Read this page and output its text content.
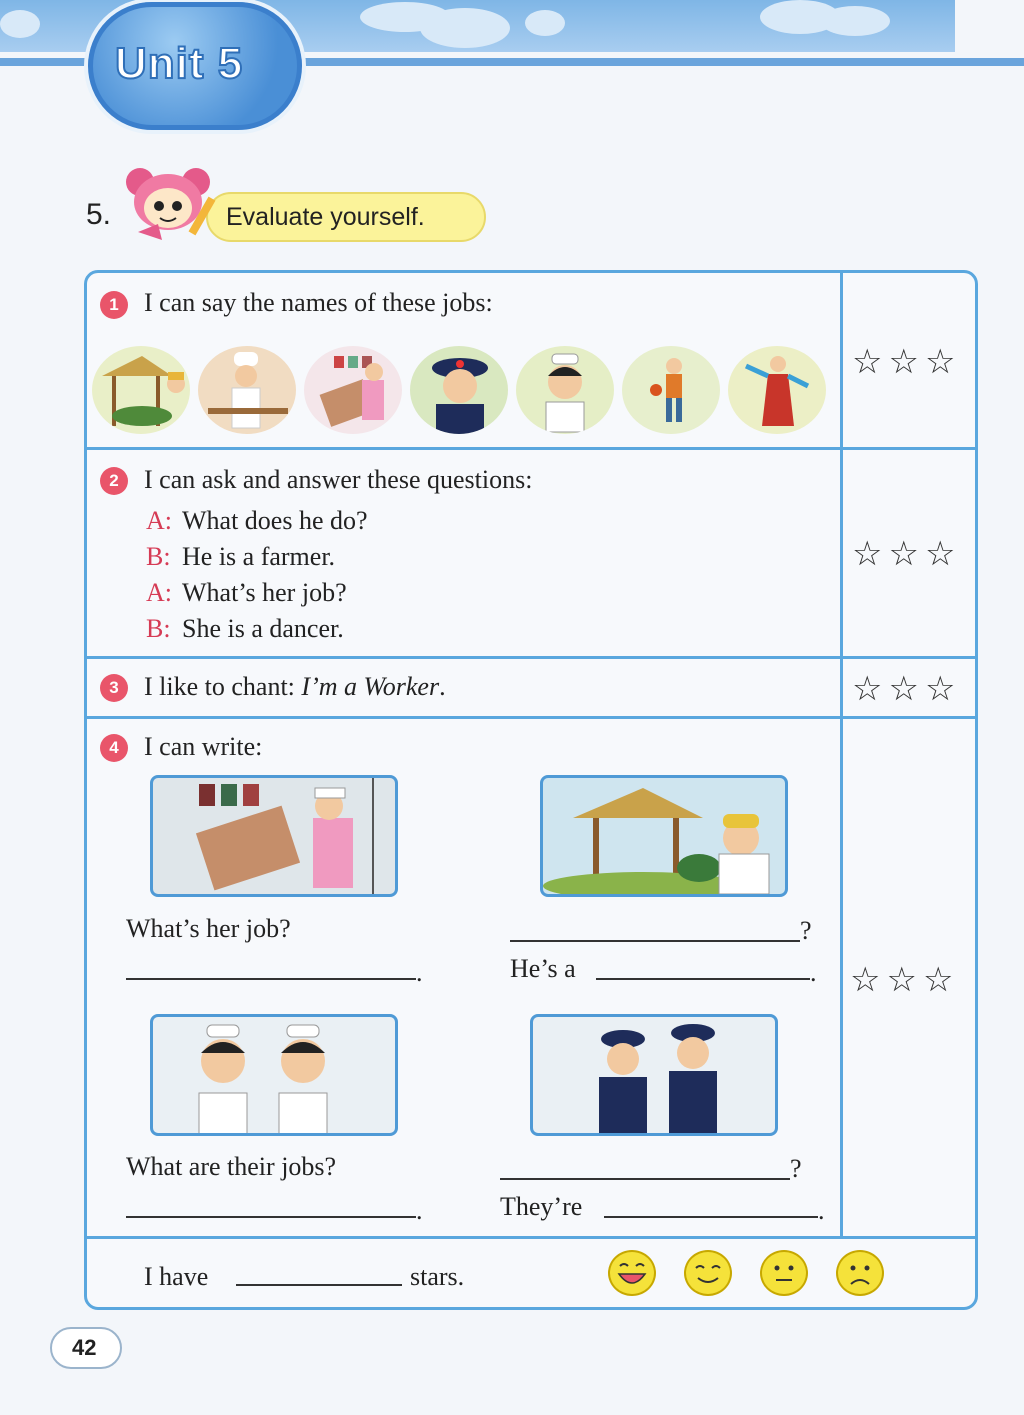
Unit 5
5.	Evaluate yourself.
1 I can say the names of these jobs:
☆☆☆
2 I can ask and answer these questions:
A: What does he do?
B: He is a farmer.
A: What’s her job?
B: She is a dancer.
☆☆☆
3 I like to chant: I’m a Worker.	☆☆☆
4 I can write:
What’s her job?
.
?
He’s a	. ☆☆☆
What are their jobs?
.
?
They’re	.
I have	stars.
42
